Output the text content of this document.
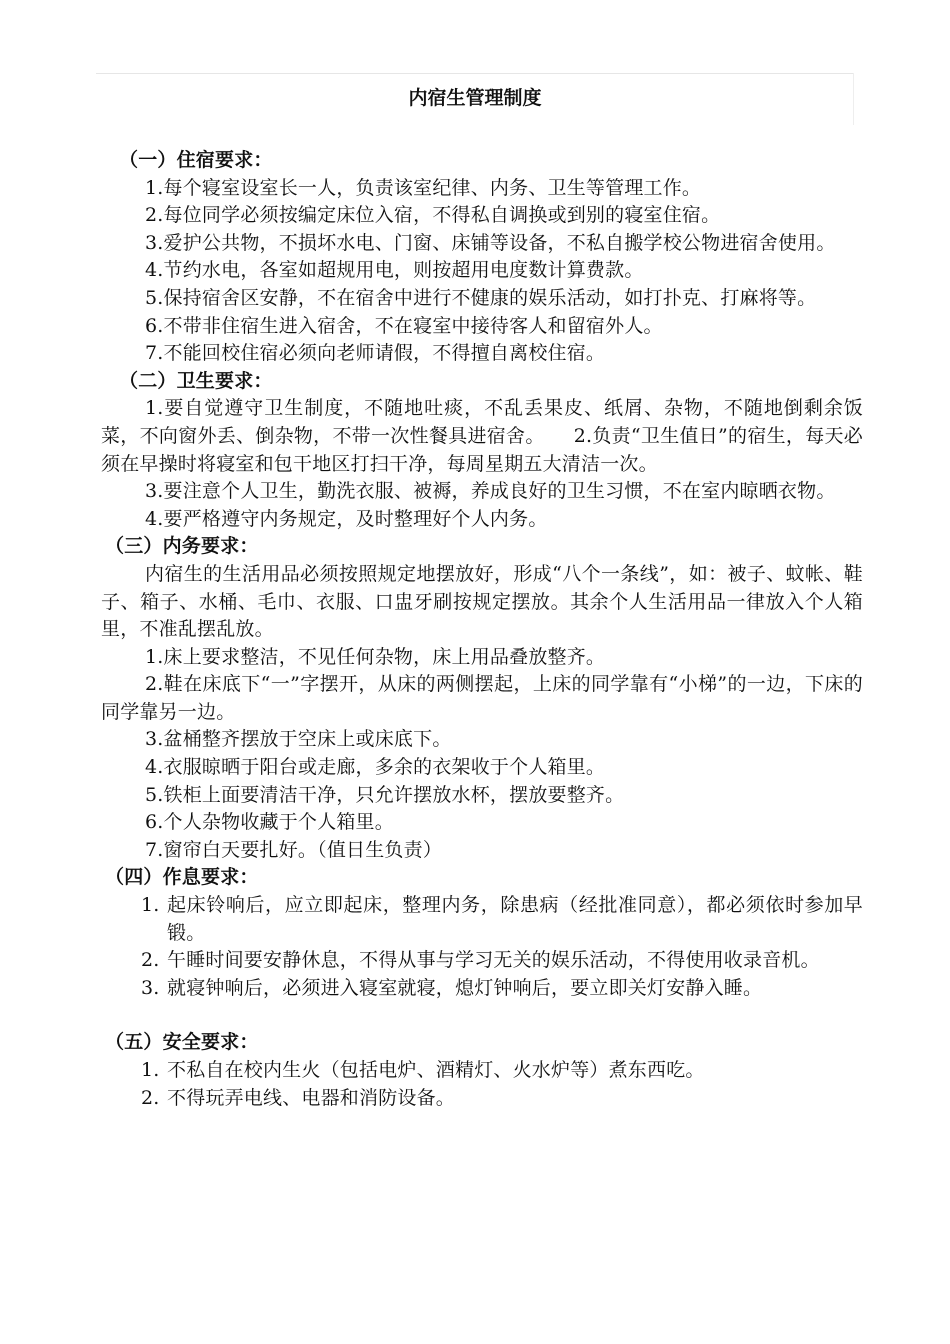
内宿生管理制度
（一）住宿要求：

1.每个寝室设室长一人，负责该室纪律、内务、卫生等管理工作。

2.每位同学必须按编定床位入宿，不得私自调换或到别的寝室住宿。

3.爱护公共物，不损坏水电、门窗、床铺等设备，不私自搬学校公物进宿舍使用。

4.节约水电，各室如超规用电，则按超用电度数计算费款。

5.保持宿舍区安静，不在宿舍中进行不健康的娱乐活动，如打扑克、打麻将等。

6.不带非住宿生进入宿舍，不在寝室中接待客人和留宿外人。

7.不能回校住宿必须向老师请假，不得擅自离校住宿。

（二）卫生要求：

1.要自觉遵守卫生制度，不随地吐痰，不乱丢果皮、纸屑、杂物，不随地倒剩余饭菜，不向窗外丢、倒杂物，不带一次性餐具进宿舍。　　2.负责“卫生值日”的宿生，每天必须在早操时将寝室和包干地区打扫干净，每周星期五大清洁一次。

3.要注意个人卫生，勤洗衣服、被褥，养成良好的卫生习惯，不在室内晾晒衣物。

4.要严格遵守内务规定，及时整理好个人内务。

（三）内务要求：

内宿生的生活用品必须按照规定地摆放好，形成“八个一条线”，如：被子、蚊帐、鞋子、箱子、水桶、毛巾、衣服、口盅牙刷按规定摆放。其余个人生活用品一律放入个人箱里，不准乱摆乱放。

1.床上要求整洁，不见任何杂物，床上用品叠放整齐。

2.鞋在床底下“一”字摆开，从床的两侧摆起，上床的同学靠有“小梯”的一边，下床的同学靠另一边。

3.盆桶整齐摆放于空床上或床底下。

4.衣服晾晒于阳台或走廊，多余的衣架收于个人箱里。

5.铁柜上面要清洁干净，只允许摆放水杯，摆放要整齐。

6.个人杂物收藏于个人箱里。

7.窗帘白天要扎好。（值日生负责）

（四）作息要求：

1. 起床铃响后，应立即起床，整理内务，除患病（经批准同意），都必须依时参加早锻。

2. 午睡时间要安静休息，不得从事与学习无关的娱乐活动，不得使用收录音机。

3. 就寝钟响后，必须进入寝室就寝，熄灯钟响后，要立即关灯安静入睡。

（五）安全要求：

1. 不私自在校内生火（包括电炉、酒精灯、火水炉等）煮东西吃。

2. 不得玩弄电线、电器和消防设备。
